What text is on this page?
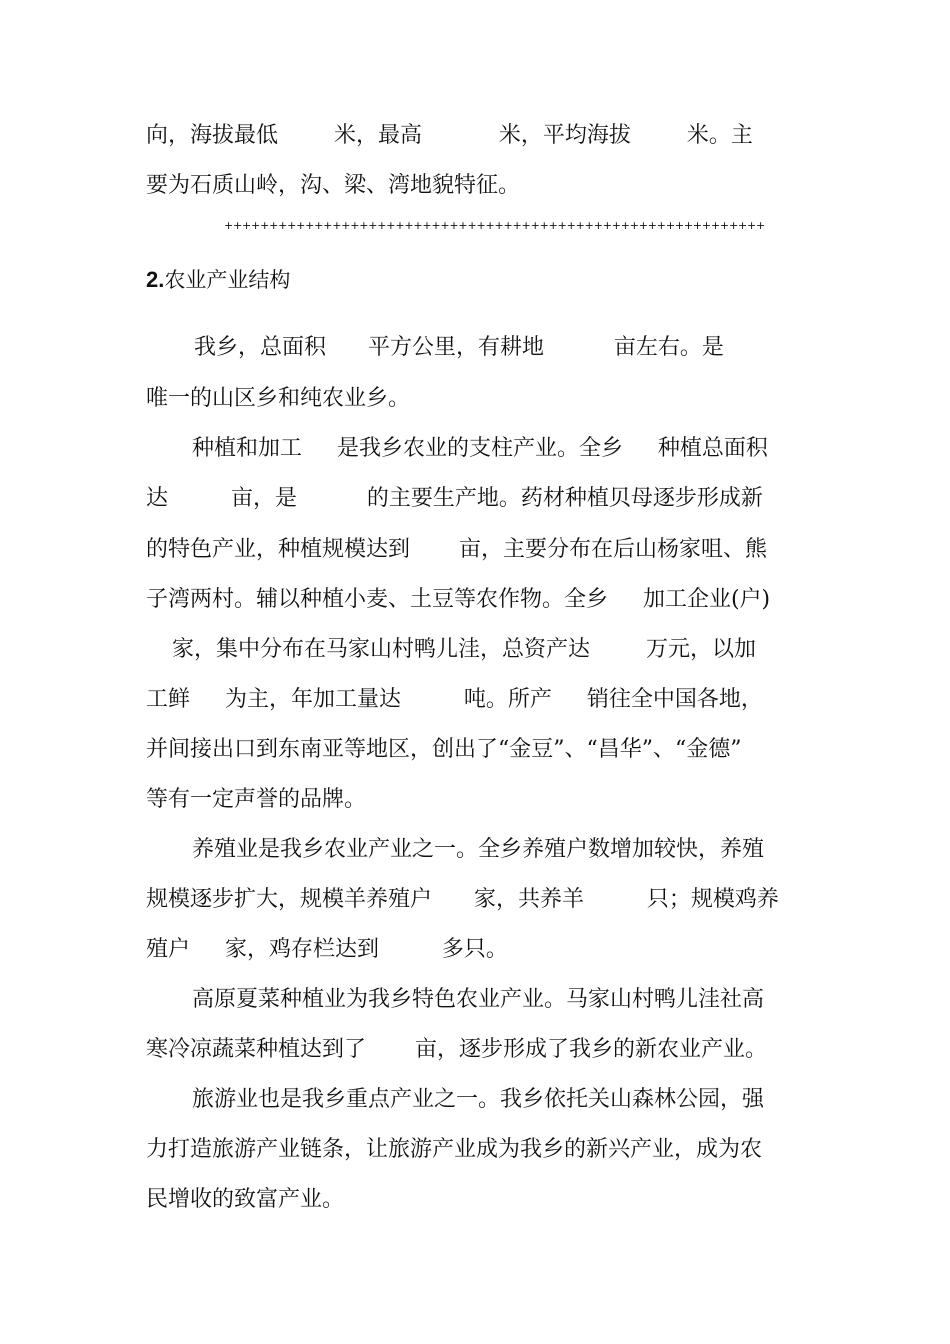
向，海拔最低        米，最高           米，平均海拔        米。主
要为石质山岭，沟、梁、湾地貌特征。
++++++++++++++++++++++++++++++++++++++++++++++++++++++++++++
2.农业产业结构
我乡，总面积      平方公里，有耕地          亩左右。是
唯一的山区乡和纯农业乡。
种植和加工     是我乡农业的支柱产业。全乡     种植总面积
达         亩，是          的主要生产地。药材种植贝母逐步形成新
的特色产业，种植规模达到       亩，主要分布在后山杨家咀、熊
子湾两村。辅以种植小麦、土豆等农作物。全乡     加工企业(户)
家，集中分布在马家山村鸭儿洼，总资产达        万元，以加
工鲜     为主，年加工量达         吨。所产     销往全中国各地，
并间接出口到东南亚等地区，创出了“金豆”、“昌华”、“金德”
等有一定声誉的品牌。
养殖业是我乡农业产业之一。全乡养殖户数增加较快，养殖
规模逐步扩大，规模羊养殖户      家，共养羊         只；规模鸡养
殖户     家，鸡存栏达到         多只。
高原夏菜种植业为我乡特色农业产业。马家山村鸭儿洼社高
寒冷凉蔬菜种植达到了       亩，逐步形成了我乡的新农业产业。
旅游业也是我乡重点产业之一。我乡依托关山森林公园，强
力打造旅游产业链条，让旅游产业成为我乡的新兴产业，成为农
民增收的致富产业。
